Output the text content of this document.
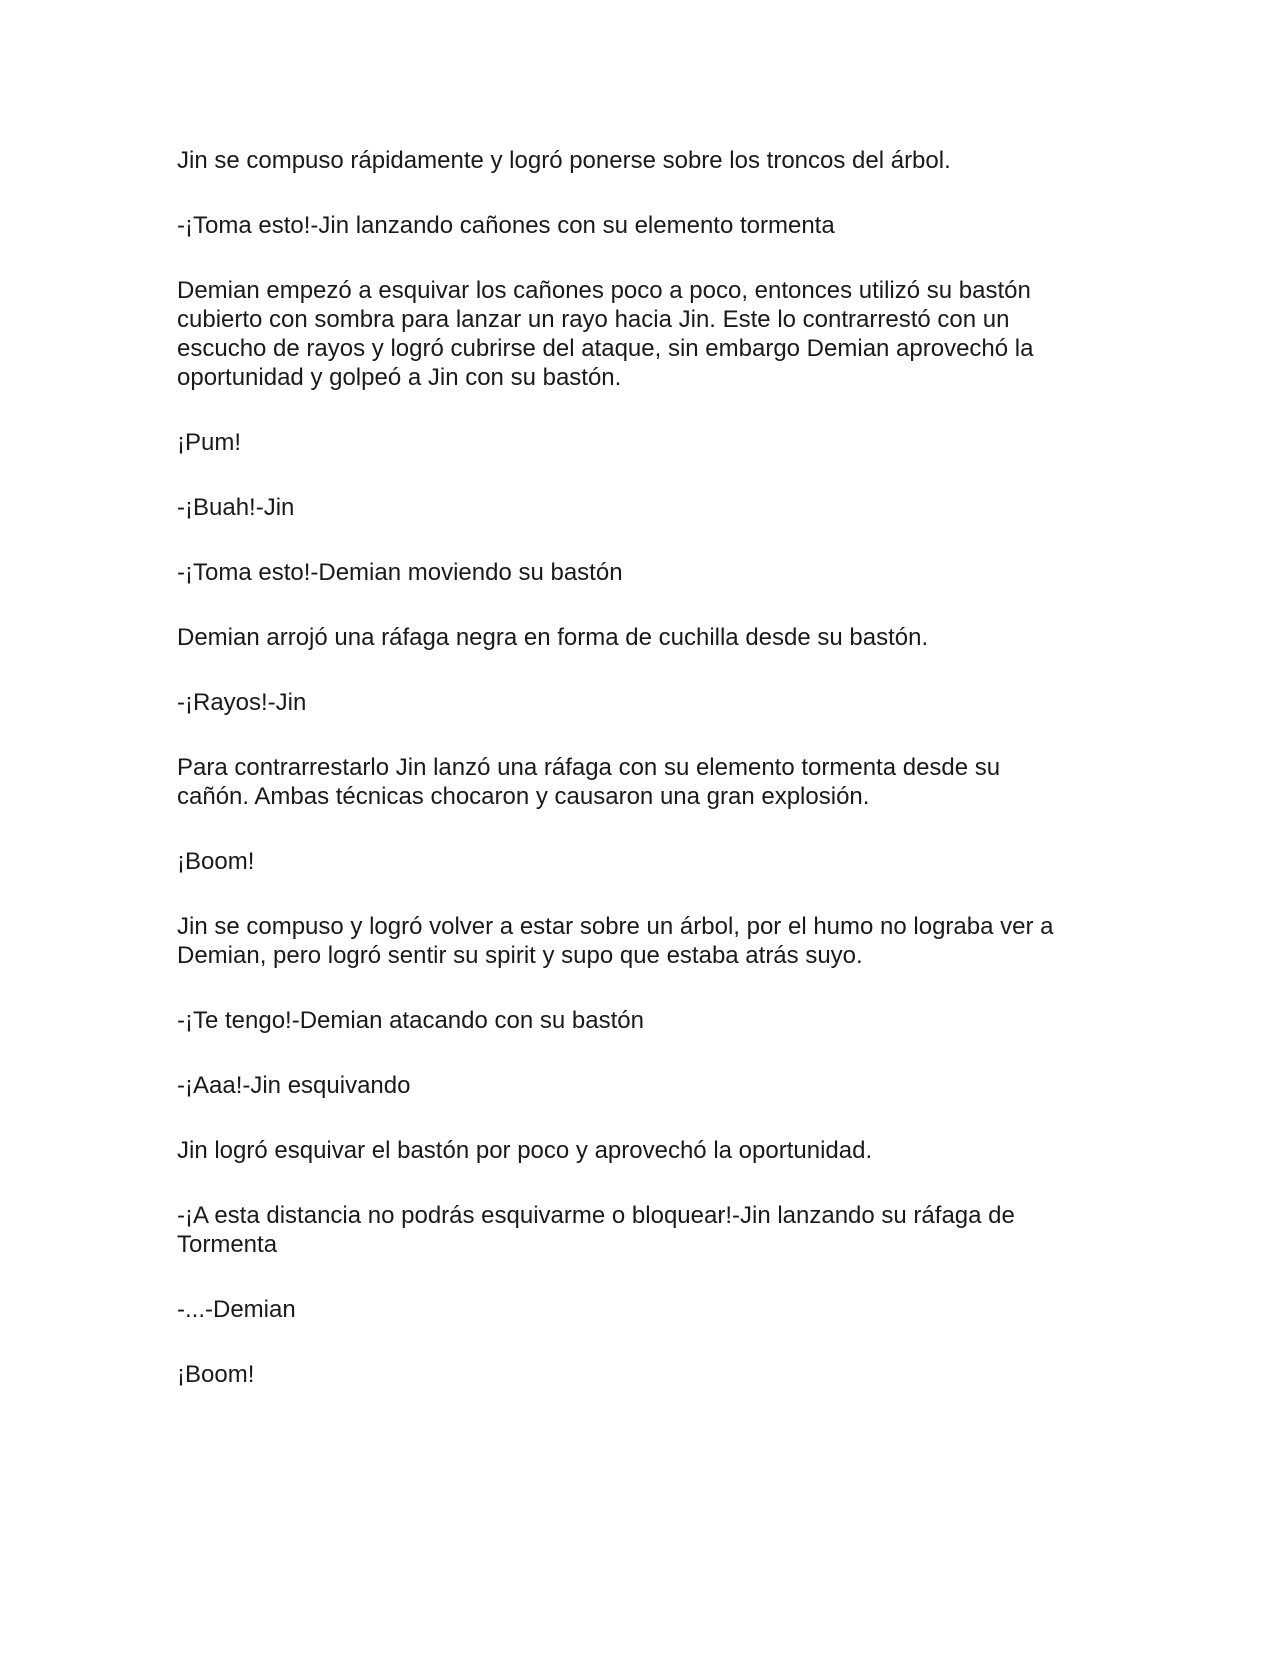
Jin se compuso rápidamente y logró ponerse sobre los troncos del árbol.

-¡Toma esto!-Jin lanzando cañones con su elemento tormenta

Demian empezó a esquivar los cañones poco a poco, entonces utilizó su bastón
cubierto con sombra para lanzar un rayo hacia Jin. Este lo contrarrestó con un
escucho de rayos y logró cubrirse del ataque, sin embargo Demian aprovechó la
oportunidad y golpeó a Jin con su bastón.

¡Pum!

-¡Buah!-Jin

-¡Toma esto!-Demian moviendo su bastón

Demian arrojó una ráfaga negra en forma de cuchilla desde su bastón.

-¡Rayos!-Jin

Para contrarrestarlo Jin lanzó una ráfaga con su elemento tormenta desde su
cañón. Ambas técnicas chocaron y causaron una gran explosión.

¡Boom!

Jin se compuso y logró volver a estar sobre un árbol, por el humo no lograba ver a
Demian, pero logró sentir su spirit y supo que estaba atrás suyo.

-¡Te tengo!-Demian atacando con su bastón

-¡Aaa!-Jin esquivando

Jin logró esquivar el bastón por poco y aprovechó la oportunidad.

-¡A esta distancia no podrás esquivarme o bloquear!-Jin lanzando su ráfaga de
Tormenta

-...-Demian

¡Boom!
